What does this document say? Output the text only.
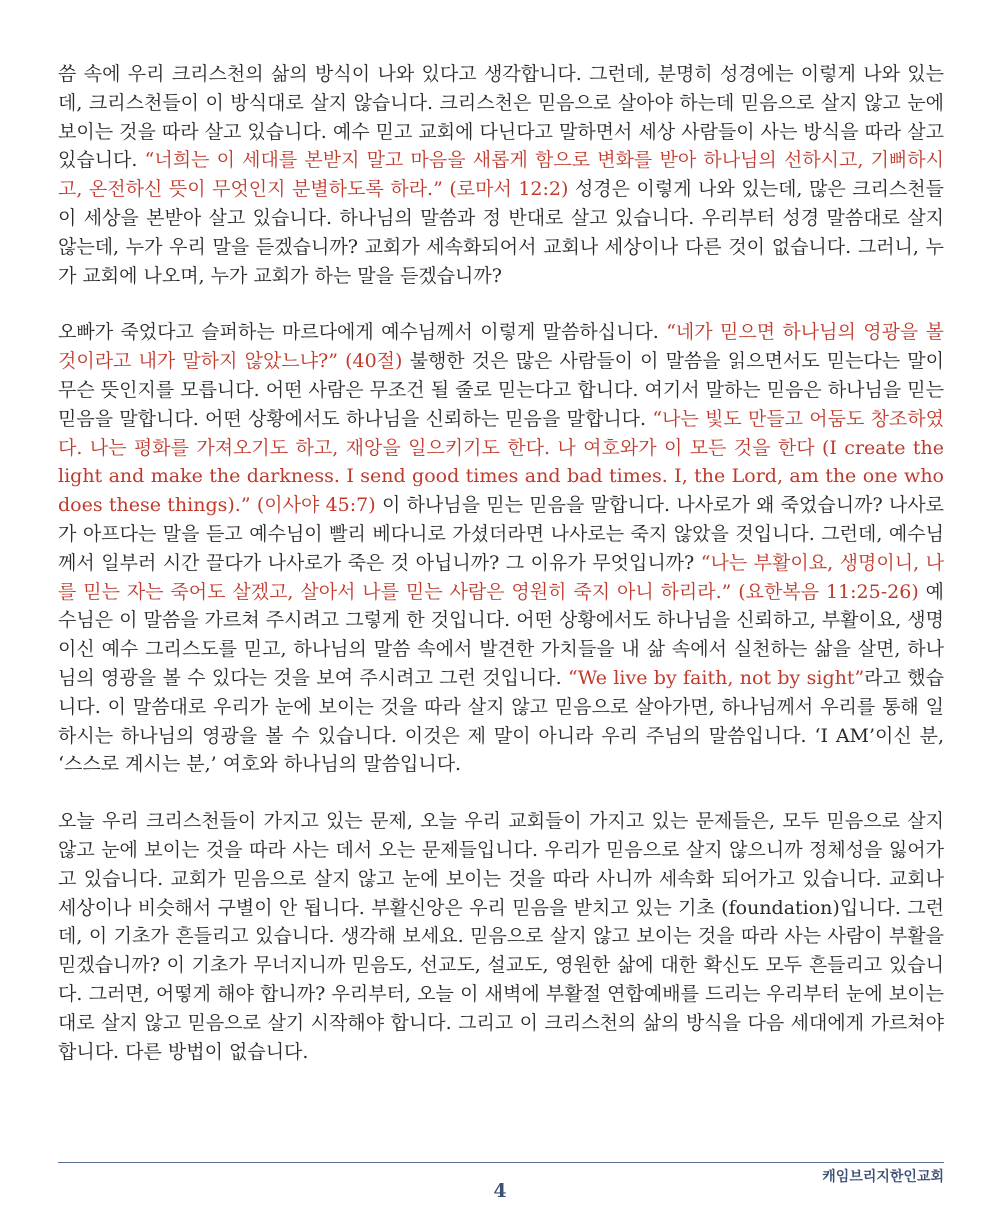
씀 속에 우리 크리스천의 삶의 방식이 나와 있다고 생각합니다. 그런데, 분명히 성경에는 이렇게 나와 있는데, 크리스천들이 이 방식대로 살지 않습니다. 크리스천은 믿음으로 살아야 하는데 믿음으로 살지 않고 눈에 보이는 것을 따라 살고 있습니다. 예수 믿고 교회에 다닌다고 말하면서 세상 사람들이 사는 방식을 따라 살고 있습니다. “너희는 이 세대를 본받지 말고 마음을 새롭게 함으로 변화를 받아 하나님의 선하시고, 기뻐하시고, 온전하신 뜻이 무엇인지 분별하도록 하라.” (로마서 12:2) 성경은 이렇게 나와 있는데, 많은 크리스천들이 세상을 본받아 살고 있습니다. 하나님의 말씀과 정 반대로 살고 있습니다. 우리부터 성경 말씀대로 살지 않는데, 누가 우리 말을 듣겠습니까? 교회가 세속화되어서 교회나 세상이나 다른 것이 없습니다. 그러니, 누가 교회에 나오며, 누가 교회가 하는 말을 듣겠습니까?

오빠가 죽었다고 슬퍼하는 마르다에게 예수님께서 이렇게 말씀하십니다. “네가 믿으면 하나님의 영광을 볼 것이라고 내가 말하지 않았느냐?” (40절) 불행한 것은 많은 사람들이 이 말씀을 읽으면서도 믿는다는 말이 무슨 뜻인지를 모릅니다. 어떤 사람은 무조건 될 줄로 믿는다고 합니다. 여기서 말하는 믿음은 하나님을 믿는 믿음을 말합니다. 어떤 상황에서도 하나님을 신뢰하는 믿음을 말합니다. “나는 빛도 만들고 어둠도 창조하였다. 나는 평화를 가져오기도 하고, 재앙을 일으키기도 한다. 나 여호와가 이 모든 것을 한다 (I create the light and make the darkness. I send good times and bad times. I, the Lord, am the one who does these things).” (이사야 45:7) 이 하나님을 믿는 믿음을 말합니다. 나사로가 왜 죽었습니까? 나사로가 아프다는 말을 듣고 예수님이 빨리 베다니로 가셨더라면 나사로는 죽지 않았을 것입니다. 그런데, 예수님께서 일부러 시간 끌다가 나사로가 죽은 것 아닙니까? 그 이유가 무엇입니까? “나는 부활이요, 생명이니, 나를 믿는 자는 죽어도 살겠고, 살아서 나를 믿는 사람은 영원히 죽지 아니 하리라.” (요한복음 11:25-26) 예수님은 이 말씀을 가르쳐 주시려고 그렇게 한 것입니다. 어떤 상황에서도 하나님을 신뢰하고, 부활이요, 생명이신 예수 그리스도를 믿고, 하나님의 말씀 속에서 발견한 가치들을 내 삶 속에서 실천하는 삶을 살면, 하나님의 영광을 볼 수 있다는 것을 보여 주시려고 그런 것입니다. “We live by faith, not by sight”라고 했습니다. 이 말씀대로 우리가 눈에 보이는 것을 따라 살지 않고 믿음으로 살아가면, 하나님께서 우리를 통해 일하시는 하나님의 영광을 볼 수 있습니다. 이것은 제 말이 아니라 우리 주님의 말씀입니다. ‘I AM’이신 분, ‘스스로 계시는 분,’ 여호와 하나님의 말씀입니다.

오늘 우리 크리스천들이 가지고 있는 문제, 오늘 우리 교회들이 가지고 있는 문제들은, 모두 믿음으로 살지 않고 눈에 보이는 것을 따라 사는 데서 오는 문제들입니다. 우리가 믿음으로 살지 않으니까 정체성을 잃어가고 있습니다. 교회가 믿음으로 살지 않고 눈에 보이는 것을 따라 사니까 세속화 되어가고 있습니다. 교회나 세상이나 비슷해서 구별이 안 됩니다. 부활신앙은 우리 믿음을 받치고 있는 기초 (foundation)입니다. 그런데, 이 기초가 흔들리고 있습니다. 생각해 보세요. 믿음으로 살지 않고 보이는 것을 따라 사는 사람이 부활을 믿겠습니까? 이 기초가 무너지니까 믿음도, 선교도, 설교도, 영원한 삶에 대한 확신도 모두 흔들리고 있습니다. 그러면, 어떻게 해야 합니까? 우리부터, 오늘 이 새벽에 부활절 연합예배를 드리는 우리부터 눈에 보이는 대로 살지 않고 믿음으로 살기 시작해야 합니다. 그리고 이 크리스천의 삶의 방식을 다음 세대에게 가르쳐야 합니다. 다른 방법이 없습니다.

캐임브리지한인교회
4
